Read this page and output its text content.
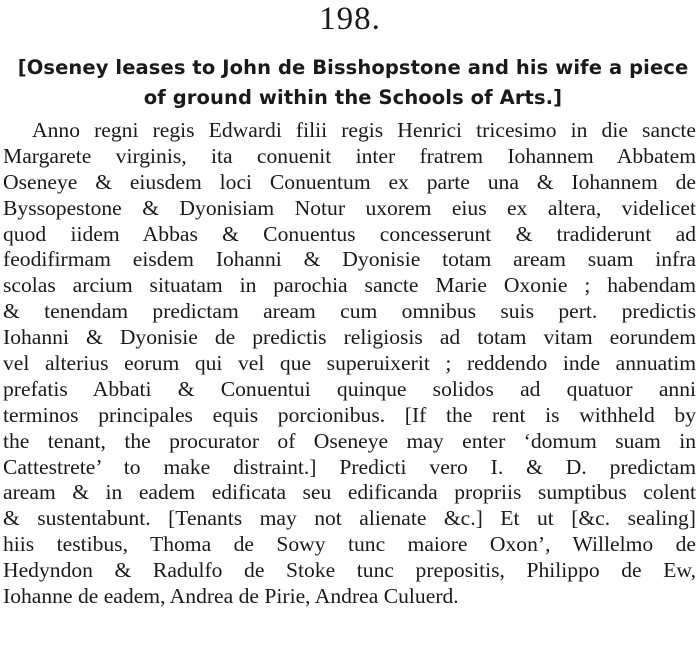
198.
[Oseney leases to John de Bisshopstone and his wife a piece
of ground within the Schools of Arts.]
Anno regni regis Edwardi filii regis Henrici tricesimo in die sancte
Margarete virginis, ita conuenit inter fratrem Iohannem Abbatem
Oseneye & eiusdem loci Conuentum ex parte una & Iohannem de
Byssopestone & Dyonisiam Notur uxorem eius ex altera, videlicet
quod iidem Abbas & Conuentus concesserunt & tradiderunt ad
feodifirmam eisdem Iohanni & Dyonisie totam aream suam infra
scolas arcium situatam in parochia sancte Marie Oxonie ; habendam
& tenendam predictam aream cum omnibus suis pert. predictis
Iohanni & Dyonisie de predictis religiosis ad totam vitam eorundem
vel alterius eorum qui vel que superuixerit ; reddendo inde annuatim
prefatis Abbati & Conuentui quinque solidos ad quatuor anni
terminos principales equis porcionibus. [If the rent is withheld by
the tenant, the procurator of Oseneye may enter ‘domum suam in
Cattestrete’ to make distraint.] Predicti vero I. & D. predictam
aream & in eadem edificata seu edificanda propriis sumptibus colent
& sustentabunt. [Tenants may not alienate &c.] Et ut [&c. sealing]
hiis testibus, Thoma de Sowy tunc maiore Oxon’, Willelmo de
Hedyndon & Radulfo de Stoke tunc prepositis, Philippo de Ew,
Iohanne de eadem, Andrea de Pirie, Andrea Culuerd.
